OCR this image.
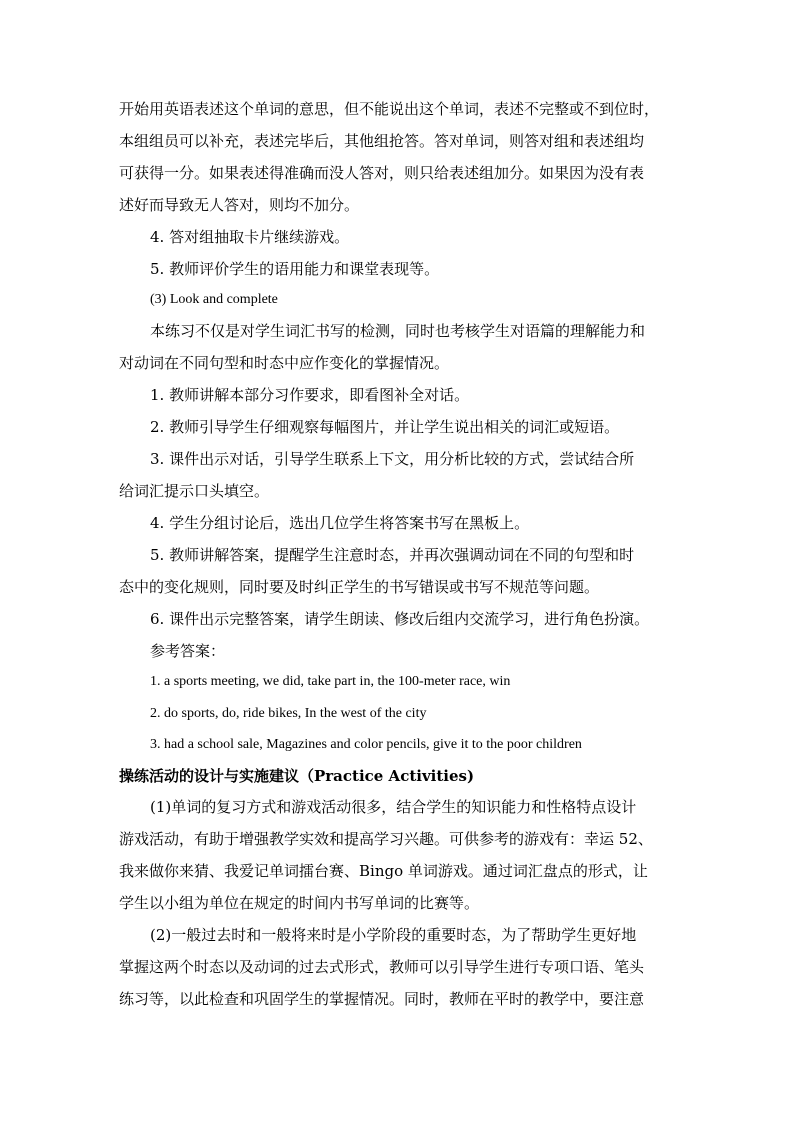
开始用英语表述这个单词的意思，但不能说出这个单词，表述不完整或不到位时，
本组组员可以补充，表述完毕后，其他组抢答。答对单词，则答对组和表述组均
可获得一分。如果表述得准确而没人答对，则只给表述组加分。如果因为没有表
述好而导致无人答对，则均不加分。
4. 答对组抽取卡片继续游戏。
5. 教师评价学生的语用能力和课堂表现等。
(3) Look and complete
本练习不仅是对学生词汇书写的检测，同时也考核学生对语篇的理解能力和
对动词在不同句型和时态中应作变化的掌握情况。
1. 教师讲解本部分习作要求，即看图补全对话。
2. 教师引导学生仔细观察每幅图片，并让学生说出相关的词汇或短语。
3. 课件出示对话，引导学生联系上下文，用分析比较的方式，尝试结合所
给词汇提示口头填空。
4. 学生分组讨论后，选出几位学生将答案书写在黑板上。
5. 教师讲解答案，提醒学生注意时态，并再次强调动词在不同的句型和时
态中的变化规则，同时要及时纠正学生的书写错误或书写不规范等问题。
6. 课件出示完整答案，请学生朗读、修改后组内交流学习，进行角色扮演。
参考答案：
1. a sports meeting, we did, take part in, the 100-meter race, win
2. do sports, do, ride bikes, In the west of the city
3. had a school sale, Magazines and color pencils, give it to the poor children
操练活动的设计与实施建议（Practice Activities)
(1)单词的复习方式和游戏活动很多，结合学生的知识能力和性格特点设计
游戏活动，有助于增强教学实效和提高学习兴趣。可供参考的游戏有：幸运 52、
我来做你来猜、我爱记单词擂台赛、Bingo 单词游戏。通过词汇盘点的形式，让
学生以小组为单位在规定的时间内书写单词的比赛等。
(2)一般过去时和一般将来时是小学阶段的重要时态，为了帮助学生更好地
掌握这两个时态以及动词的过去式形式，教师可以引导学生进行专项口语、笔头
练习等，以此检查和巩固学生的掌握情况。同时，教师在平时的教学中，要注意
